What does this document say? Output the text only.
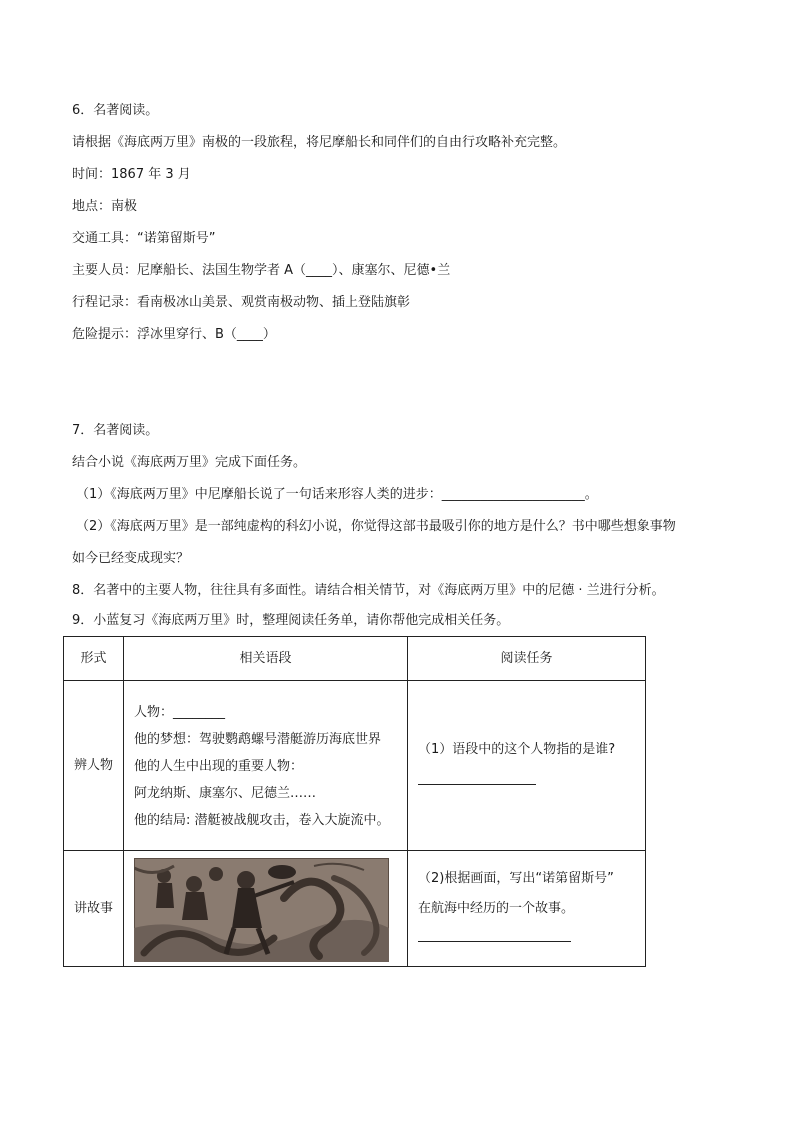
6．名著阅读。
请根据《海底两万里》南极的一段旅程，将尼摩船长和同伴们的自由行攻略补充完整。
时间：1867 年 3 月
地点：南极
交通工具：“诺第留斯号”
主要人员：尼摩船长、法国生物学者 A（____）、康塞尔、尼德•兰
行程记录：看南极冰山美景、观赏南极动物、插上登陆旗彰
危险提示：浮冰里穿行、B（____）
7．名著阅读。
结合小说《海底两万里》完成下面任务。
（1）《海底两万里》中尼摩船长说了一句话来形容人类的进步：______________________。
（2）《海底两万里》是一部纯虚构的科幻小说，你觉得这部书最吸引你的地方是什么？书中哪些想象事物
如今已经变成现实？
8．名著中的主要人物，往往具有多面性。请结合相关情节，对《海底两万里》中的尼德 · 兰进行分析。
9．小蓝复习《海底两万里》时，整理阅读任务单，请你帮他完成相关任务。
形式	相关语段	阅读任务
辨人物	人物：________
他的梦想：驾驶鹦鹉螺号潜艇游历海底世界
他的人生中出现的重要人物：
阿龙纳斯、康塞尔、尼德兰……
他的结局: 潜艇被战舰攻击，卷入大旋流中。	（1）语段中的这个人物指的是谁?

讲故事		（2)根据画面，写出“诺第留斯号”
在航海中经历的一个故事。
